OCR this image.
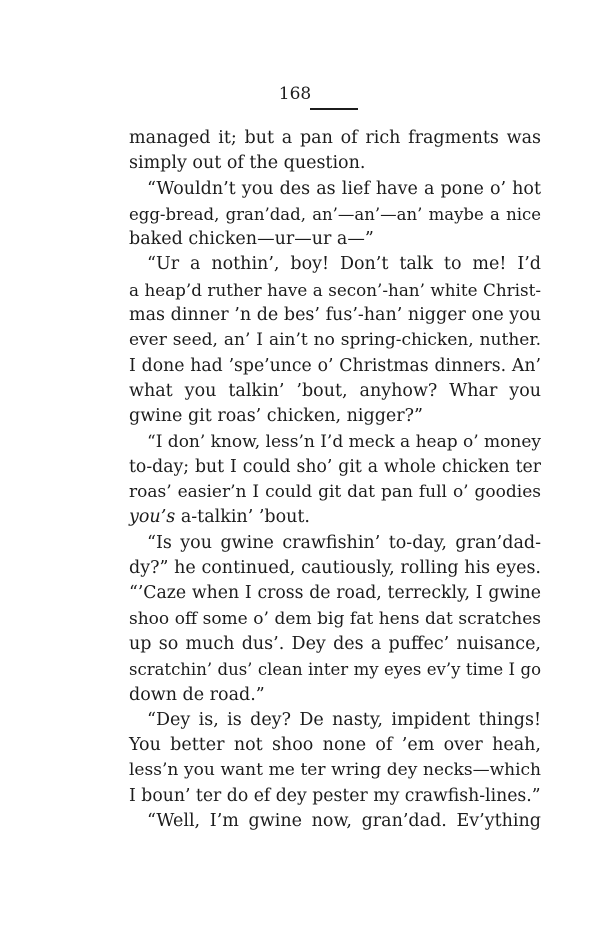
168
managed it; but a pan of rich fragments was
simply out of the question.
“Wouldn’t you des as lief have a pone o’ hot
egg-bread, gran’dad, an’—an’—an’ maybe a nice
baked chicken—ur—ur a—”
“Ur a nothin’, boy! Don’t talk to me! I’d
a heap’d ruther have a secon’-han’ white Christ-
mas dinner ’n de bes’ fus’-han’ nigger one you
ever seed, an’ I ain’t no spring-chicken, nuther.
I done had ’spe’unce o’ Christmas dinners. An’
what you talkin’ ’bout, anyhow? Whar you
gwine git roas’ chicken, nigger?”
“I don’ know, less’n I’d meck a heap o’ money
to-day; but I could sho’ git a whole chicken ter
roas’ easier’n I could git dat pan full o’ goodies
you’s a-talkin’ ’bout.
“Is you gwine crawfishin’ to-day, gran’dad-
dy?” he continued, cautiously, rolling his eyes.
“’Caze when I cross de road, terreckly, I gwine
shoo off some o’ dem big fat hens dat scratches
up so much dus’. Dey des a puffec’ nuisance,
scratchin’ dus’ clean inter my eyes ev’y time I go
down de road.”
“Dey is, is dey? De nasty, impident things!
You better not shoo none of ’em over heah,
less’n you want me ter wring dey necks—which
I boun’ ter do ef dey pester my crawfish-lines.”
“Well, I’m gwine now, gran’dad. Ev’ything
